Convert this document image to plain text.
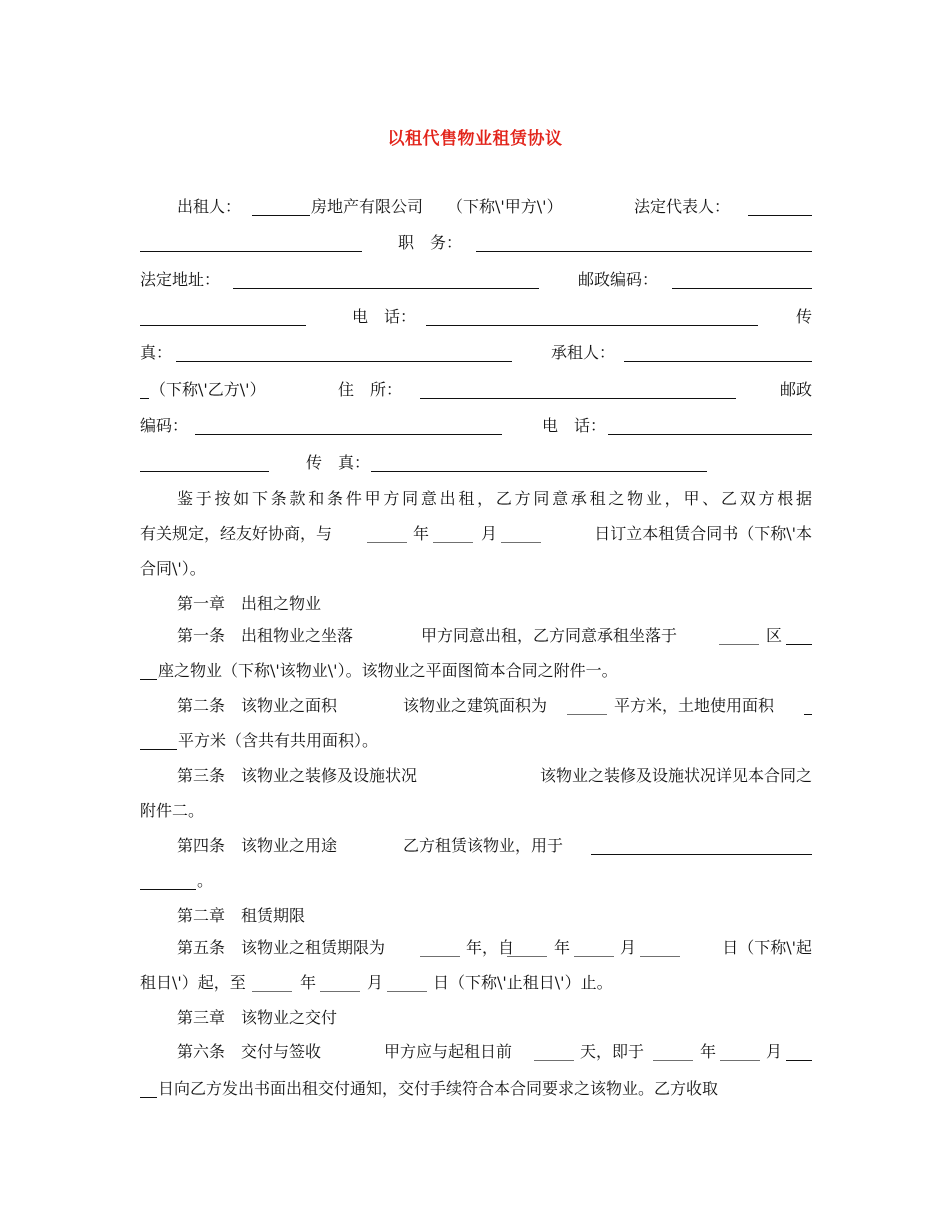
以租代售物业租赁协议
出租人：	房地产有限公司 （下称\'甲方\'）	法定代表人：
职　务：
法定地址：	邮政编码：
电　话：	传
真：	承租人：
（下称\'乙方\'）	住　所：	邮政
编码：	电　话：
传　真：
鉴于按如下条款和条件甲方同意出租，乙方同意承租之物业，甲、乙双方根据
有关规定，经友好协商，与 _____ 年 _____ 月 _____	日订立本租赁合同书（下称\'本
合同\'）。
第一章　出租之物业
第一条　出租物业之坐落	甲方同意出租，乙方同意承租坐落于	_____ 区
座之物业（下称\'该物业\'）。该物业之平面图简本合同之附件一。
第二条　该物业之面积	该物业之建筑面积为 _____ 平方米，土地使用面积
平方米（含共有共用面积）。
第三条　该物业之装修及设施状况	该物业之装修及设施状况详见本合同之
附件二。
第四条　该物业之用途	乙方租赁该物业，用于
。
第二章　租赁期限
第五条　该物业之租赁期限为 _____ 年，自
_____ 年 _____ 月 _____	日（下称\'起
租日\'）起，至 _____ 年 _____ 月 _____ 日（下称\'止租日\'）止。
第三章　该物业之交付
第六条　交付与签收	甲方应与起租日前 _____ 天，即于 _____ 年 _____ 月
日向乙方发出书面出租交付通知，交付手续符合本合同要求之该物业。乙方收取
